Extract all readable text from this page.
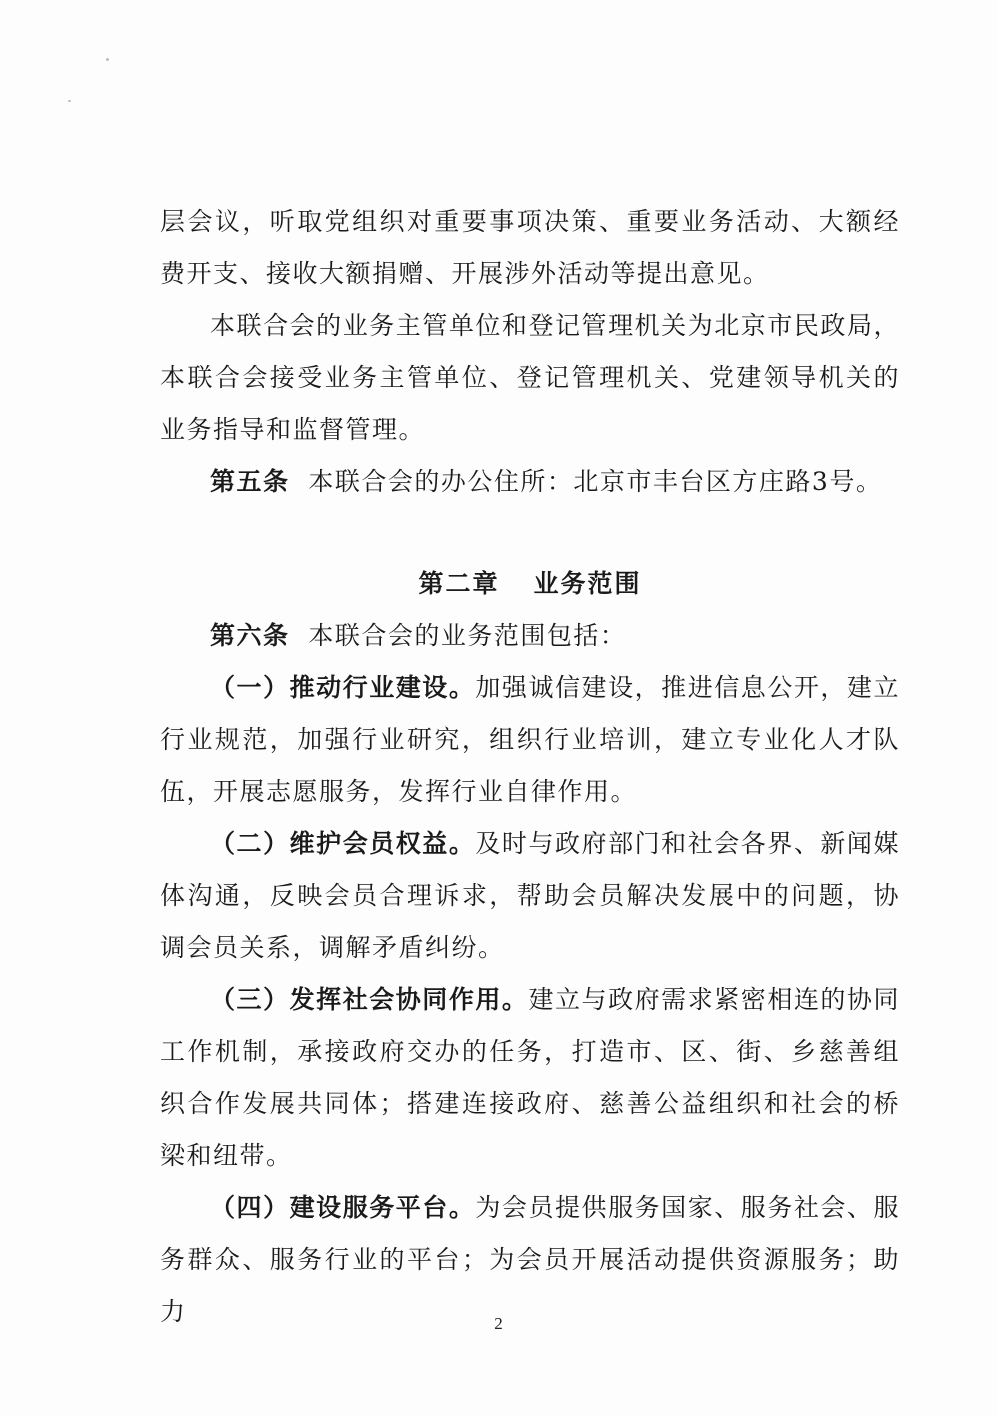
层会议，听取党组织对重要事项决策、重要业务活动、大额经费开支、接收大额捐赠、开展涉外活动等提出意见。

本联合会的业务主管单位和登记管理机关为北京市民政局，本联合会接受业务主管单位、登记管理机关、党建领导机关的业务指导和监督管理。

第五条  本联合会的办公住所：北京市丰台区方庄路3号。

第二章 业务范围

第六条  本联合会的业务范围包括：

（一）推动行业建设。加强诚信建设，推进信息公开，建立行业规范，加强行业研究，组织行业培训，建立专业化人才队伍，开展志愿服务，发挥行业自律作用。

（二）维护会员权益。及时与政府部门和社会各界、新闻媒体沟通，反映会员合理诉求，帮助会员解决发展中的问题，协调会员关系，调解矛盾纠纷。

（三）发挥社会协同作用。建立与政府需求紧密相连的协同工作机制，承接政府交办的任务，打造市、区、街、乡慈善组织合作发展共同体；搭建连接政府、慈善公益组织和社会的桥梁和纽带。

（四）建设服务平台。为会员提供服务国家、服务社会、服务群众、服务行业的平台；为会员开展活动提供资源服务；助力	2
